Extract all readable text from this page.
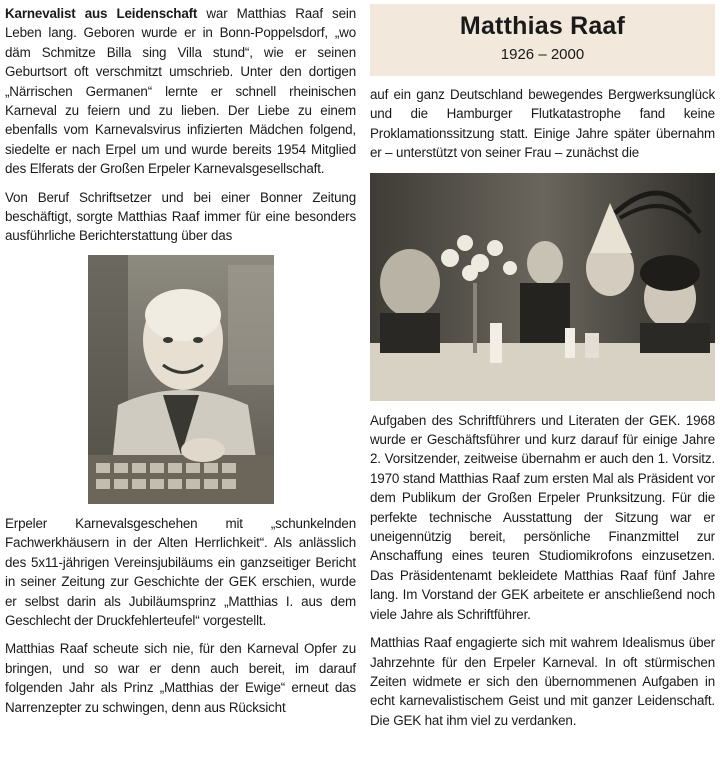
Karnevalist aus Leidenschaft war Matthias Raaf sein Leben lang. Geboren wurde er in Bonn-Poppelsdorf, „wo däm Schmitze Billa sing Villa stund“, wie er seinen Geburtsort oft verschmitzt umschrieb. Unter den dortigen „Närrischen Germanen“ lernte er schnell rheinischen Karneval zu feiern und zu lieben. Der Liebe zu einem ebenfalls vom Karnevalsvirus infizierten Mädchen folgend, siedelte er nach Erpel um und wurde bereits 1954 Mitglied des Elferats der Großen Erpeler Karnevalsgesellschaft.

Von Beruf Schriftsetzer und bei einer Bonner Zeitung beschäftigt, sorgte Matthias Raaf immer für eine besonders ausführliche Berichterstattung über das

Erpeler Karnevalsgeschehen mit „schunkelnden Fachwerkhäusern in der Alten Herrlichkeit“. Als anlässlich des 5x11-jährigen Vereinsjubiläums ein ganzseitiger Bericht in seiner Zeitung zur Geschichte der GEK erschien, wurde er selbst darin als Jubiläumsprinz „Matthias I. aus dem Geschlecht der Druckfehlerteufel“ vorgestellt.

Matthias Raaf scheute sich nie, für den Karneval Opfer zu bringen, und so war er denn auch bereit, im darauf folgenden Jahr als Prinz „Matthias der Ewige“ erneut das Narrenzepter zu schwingen, denn aus Rücksicht

Matthias Raaf
1926 – 2000

auf ein ganz Deutschland bewegendes Bergwerksunglück und die Hamburger Flutkatastrophe fand keine Proklamationssitzung statt. Einige Jahre später übernahm er – unterstützt von seiner Frau – zunächst die

Aufgaben des Schriftführers und Literaten der GEK. 1968 wurde er Geschäftsführer und kurz darauf für einige Jahre 2. Vorsitzender, zeitweise übernahm er auch den 1. Vorsitz. 1970 stand Matthias Raaf zum ersten Mal als Präsident vor dem Publikum der Großen Erpeler Prunksitzung. Für die perfekte technische Ausstattung der Sitzung war er uneigennützig bereit, persönliche Finanzmittel zur Anschaffung eines teuren Studiomikrofons einzusetzen. Das Präsidentenamt bekleidete Matthias Raaf fünf Jahre lang. Im Vorstand der GEK arbeitete er anschließend noch viele Jahre als Schriftführer.

Matthias Raaf engagierte sich mit wahrem Idealismus über Jahrzehnte für den Erpeler Karneval. In oft stürmischen Zeiten widmete er sich den übernommenen Aufgaben in echt karnevalistischem Geist und mit ganzer Leidenschaft. Die GEK hat ihm viel zu verdanken.
